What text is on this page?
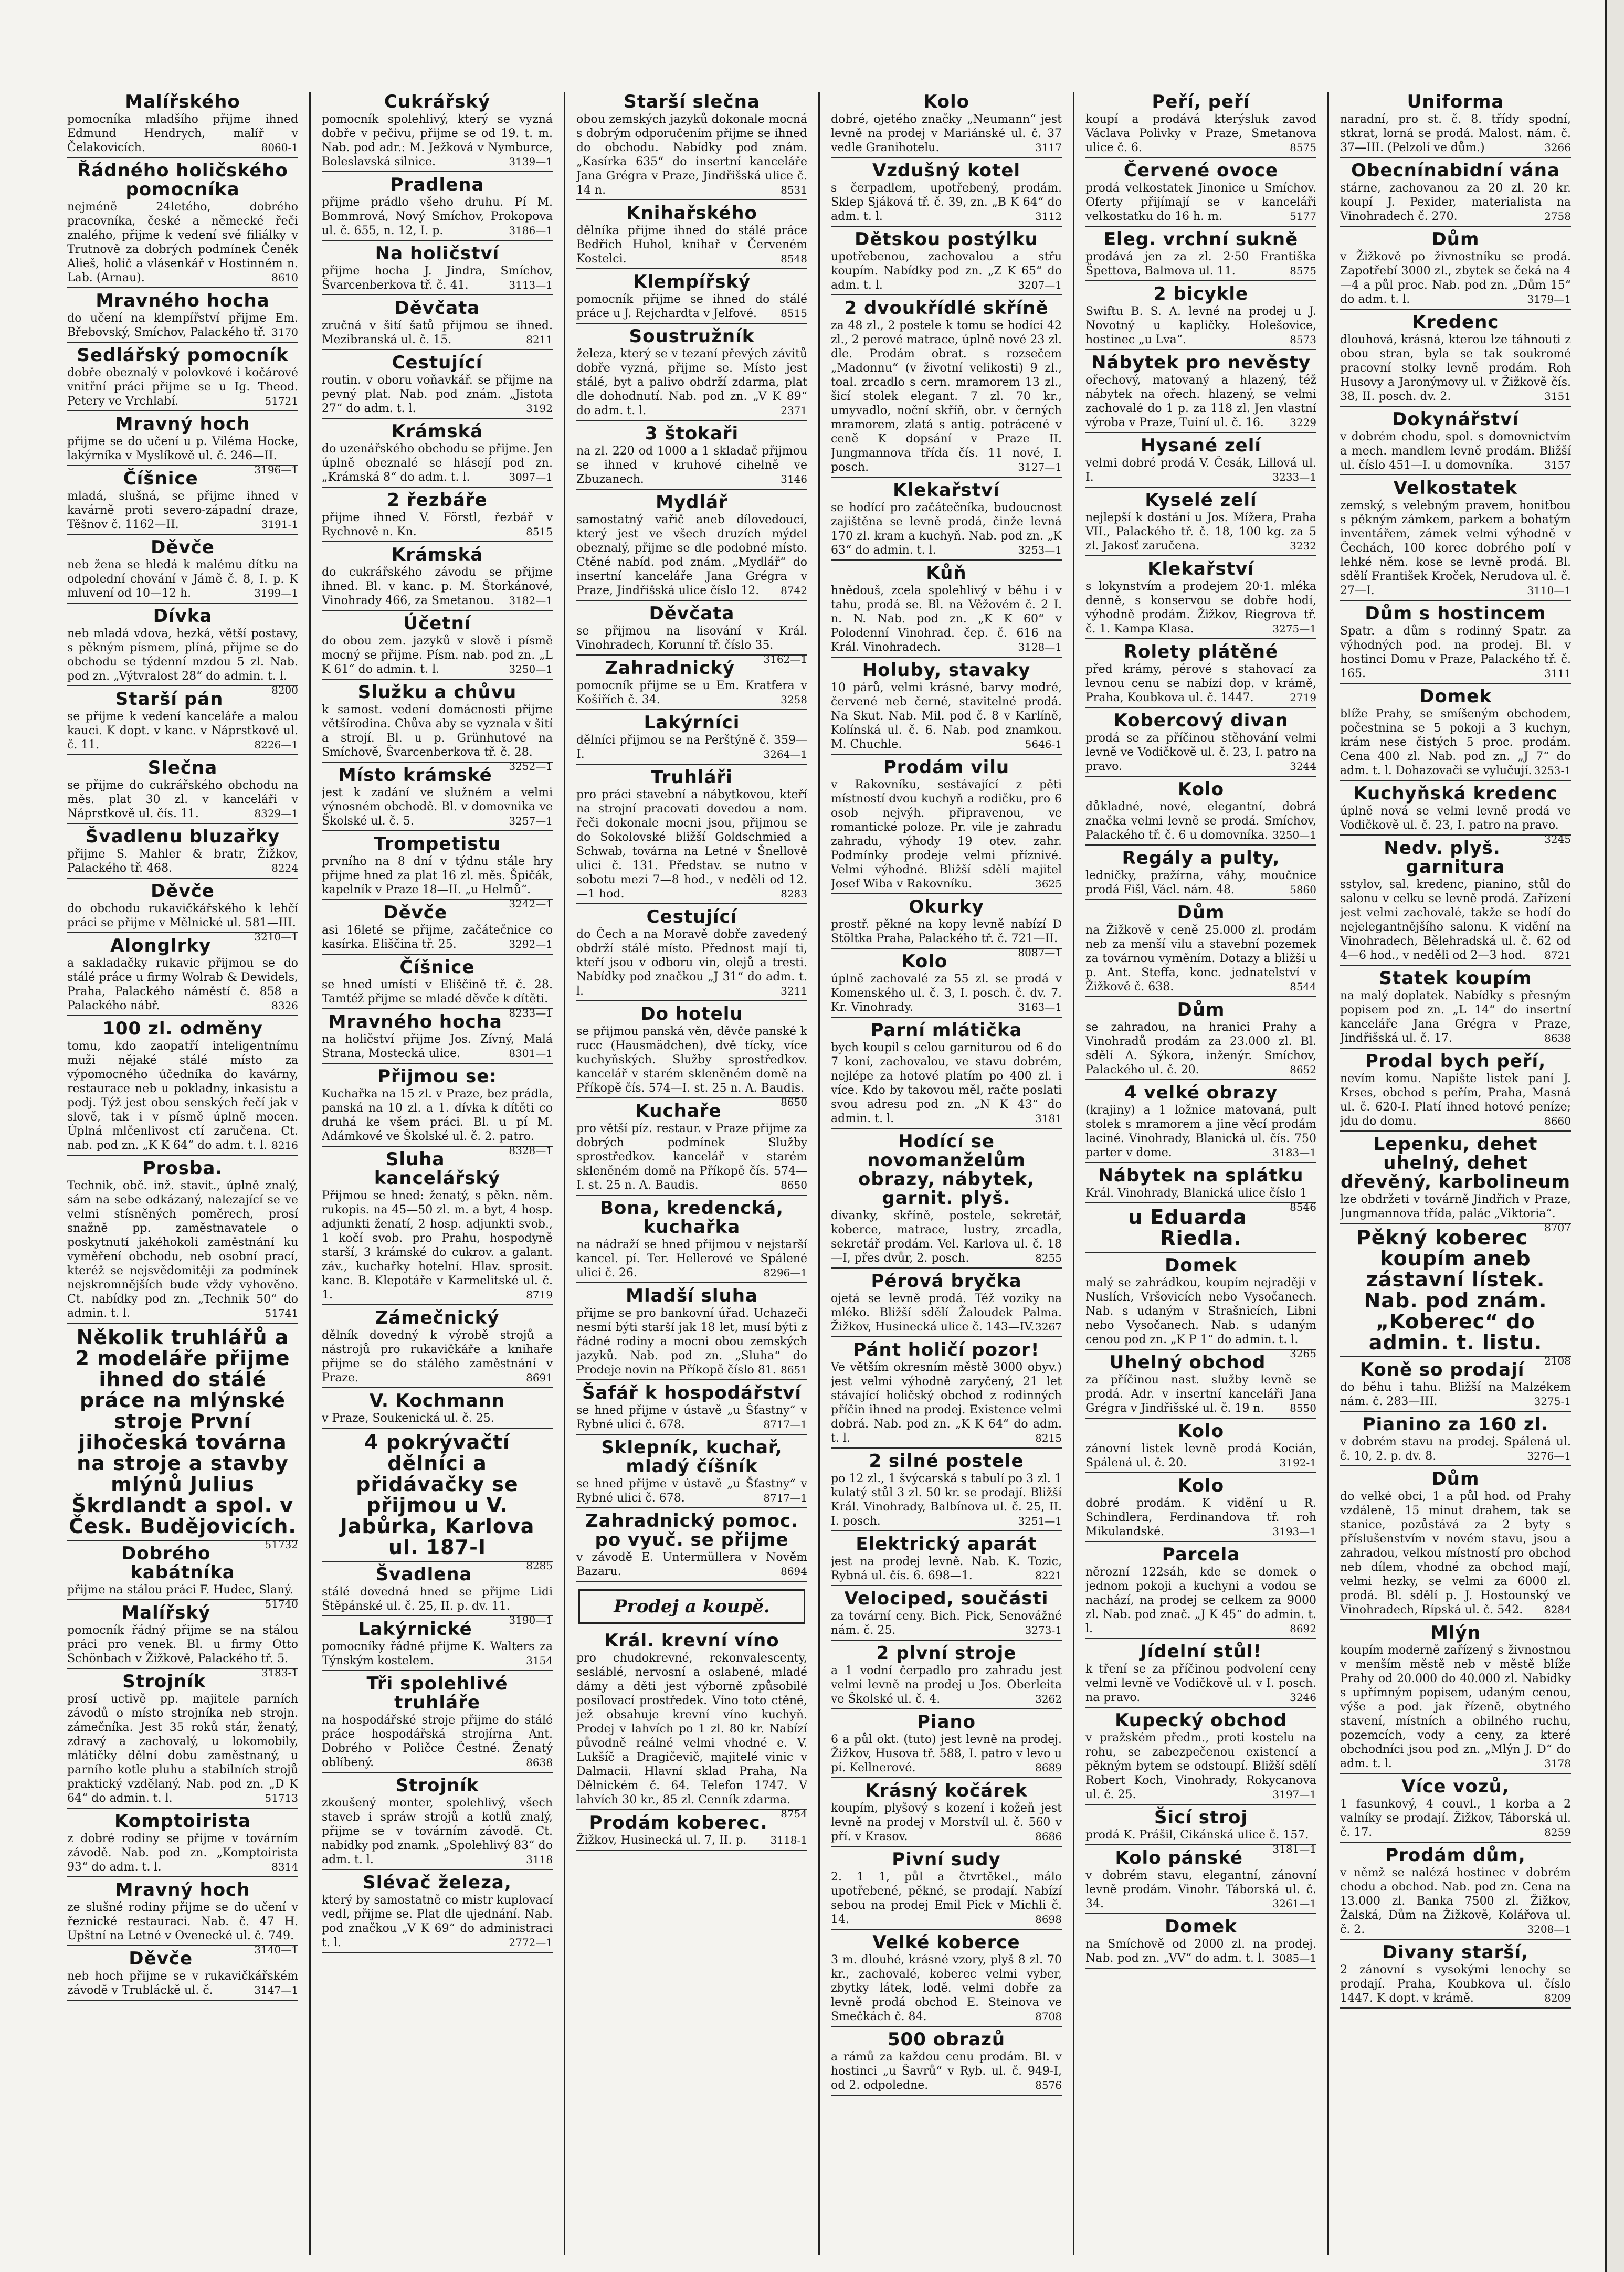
Malířského

pomocníka mladšího přijme ihned Edmund Hendrych, malíř v Čelakovicích.	8060-1

Řádného holičského pomocníka

nejméně 24letého, dobrého pracovníka, české a německé řeči znalého, přijme k vedení své filiálky v Trutnově za dobrých podmínek Čeněk Alieš, holič a vlásenkář v Hostinném n. Lab. (Arnau).	8610

Mravného hocha

do učení na klempířství přijme Em. Břebovský, Smíchov, Palackého tř. 3170

Sedlářský pomocník

dobře obeznalý v polovkové i kočárové vnitřní práci přijme se u Ig. Theod. Petery ve Vrchlabí.	51721

Mravný hoch

přijme se do učení u p. Viléma Hocke, lakýrníka v Myslíkově ul. č. 246—II.
3196—1

Číšnice

mladá, slušná, se přijme ihned v kavárně proti severo-západní draze, Těšnov č. 1162—II.	3191-1

Děvče

neb žena se hledá k malému dítku na odpolední chování v Jámě č. 8, I. p. K mluvení od 10—12 h.	3199—1

Dívka

neb mladá vdova, hezká, větší postavy, s pěkným písmem, plíná, přijme se do obchodu se týdenní mzdou 5 zl. Nab. pod zn. „Výtvralost 28“ do admin. t. l.
8200

Starší pán

se přijme k vedení kanceláře a malou kauci. K dopt. v kanc. v Náprstkově ul. č. 11.	8226—1

Slečna

se přijme do cukrářského obchodu na měs. plat 30 zl. v kanceláři v Náprstkově ul. čís. 11.	8329—1

Švadlenu bluzařky

přijme S. Mahler & bratr, Žižkov, Palackého tř. 468.	8224

Děvče

do obchodu rukavičkářského k lehčí práci se přijme v Mělnické ul. 581—III.
3210—1

Alonglrky

a sakladačky rukavic přijmou se do stálé práce u firmy Wolrab & Dewidels, Praha, Palackého náměstí č. 858 a Palackého nábř.	8326

100 zl. odměny

tomu, kdo zaopatří inteligentnímu muži nějaké stálé místo za výpomocného účedníka do kavárny, restaurace neb u pokladny, inkasistu a podj. Týž jest obou senských řečí jak v slově, tak i v písmě úplně mocen. Úplná mlčenlivost ctí zaručena. Ct. nab. pod zn. „K K 64“ do adm. t. l. 8216

Prosba.

Technik, obč. inž. stavit., úplně znalý, sám na sebe odkázaný, nalezající se ve velmi stísněných poměrech, prosí snažně pp. zaměstnavatele o poskytnutí jakéhokoli zaměstnání ku vyměření obchodu, neb osobní prací, kteréž se nejsvědomitěji za podmínek nejskromnějších bude vždy vyhověno. Ct. nabídky pod zn. „Technik 50“ do admin. t. l.	51741

Několik truhlářů a 2 modeláře přijme ihned do stálé práce na mlýnské stroje První jihočeská továrna na stroje a stavby mlýnů Julius Škrdlandt a spol. v Česk. Budějovicích.

51732

Dobrého kabátníka

přijme na stálou práci F. Hudec, Slaný.
51740

Malířský

pomocník řádný přijme se na stálou práci pro venek. Bl. u firmy Otto Schönbach v Žižkově, Palackého tř. 5.
3183-1

Strojník

prosí uctivě pp. majitele parních závodů o místo strojníka neb strojn. zámečníka. Jest 35 roků stár, ženatý, zdravý a zachovalý, u lokomobily, mlátičky dělní dobu zaměstnaný, u parního kotle pluhu a stabilních strojů praktický vzdělaný. Nab. pod zn. „D K 64“ do admin. t. l.	51713

Komptoirista

z dobré rodiny se přijme v továrním závodě. Nab. pod zn. „Komptoirista 93“ do adm. t. l.	8314

Mravný hoch

ze slušné rodiny přijme se do učení v řeznické restauraci. Nab. č. 47 H. Upštní na Letné v Ovenecké ul. č. 749.
3140—1

Děvče

neb hoch přijme se v rukavičkářském závodě v Trubláckě ul. č.	3147—1

Cukrářský

pomocník spolehlivý, který se vyzná dobře v pečivu, přijme se od 19. t. m. Nab. pod adr.: M. Ježková v Nymburce, Boleslavská silnice.	3139—1

Pradlena

přijme prádlo všeho druhu. Pí M. Bommrová, Nový Smíchov, Prokopova ul. č. 655, n. 12, I. p.	3186—1

Na holičství

přijme hocha J. Jindra, Smíchov, Švarcenberkova tř. č. 41.	3113—1

Děvčata

zručná v šití šatů přijmou se ihned. Mezibranská ul. č. 15.	8211

Cestující

routin. v oboru voňavkář. se přijme na pevný plat. Nab. pod znám. „Jistota 27“ do adm. t. l.	3192

Krámská

do uzenářského obchodu se přijme. Jen úplně obeznalé se hlásejí pod zn. „Krámská 8“ do adm. t. l.	3097—1

2 řezbáře

přijme ihned V. Förstl, řezbář v Rychnově n. Kn.	8515

Krámská

do cukrářského závodu se přijme ihned. Bl. v kanc. p. M. Štorkánové, Vinohrady 466, za Smetanou. 3182—1

Účetní

do obou zem. jazyků v slově i písmě mocný se přijme. Písm. nab. pod zn. „L K 61“ do admin. t. l.	3250—1

Služku a chůvu

k samost. vedení domácnosti přijme většírodina. Chůva aby se vyznala v šití a strojí. Bl. u p. Grünhutové na Smíchově, Švarcenberkova tř. č. 28.
3252—1

Místo krámské

jest k zadání ve služném a velmi výnosném obchodě. Bl. v domovnika ve Školské ul. č. 5.	3257—1

Trompetistu

prvního na 8 dní v týdnu stále hry přijme hned za plat 16 zl. měs. Špičák, kapelník v Praze 18—II. „u Helmů“.
3242—1

Děvče

asi 16leté se přijme, začátečnice co kasírka. Eliščina tř. 25.	3292—1

Číšnice

se hned umístí v Eliščině tř. č. 28. Tamtéž přijme se mladé děvče k dítěti.
8233—1

Mravného hocha

na holičství přijme Jos. Zívný, Malá Strana, Mostecká ulice.	8301—1

Přijmou se:

Kuchařka na 15 zl. v Praze, bez prádla, panská na 10 zl. a 1. dívka k dítěti co druhá ke všem práci. Bl. u pí M. Adámkové ve Školské ul. č. 2. patro.
8328—1

Sluha kancelářský

Přijmou se hned: ženatý, s pěkn. něm. rukopis. na 45—50 zl. m. a byt, 4 hosp. adjunkti ženatí, 2 hosp. adjunkti svob., 1 kočí svob. pro Prahu, hospodyně starší, 3 krámské do cukrov. a galant. záv., kuchařky hotelní. Hlav. sprosit. kanc. B. Klepotáře v Karmelitské ul. č. 1.	8719

Zámečnický

dělník dovedný k výrobě strojů a nástrojů pro rukavičkáře a knihaře přijme se do stálého zaměstnání v Praze.	8691

V. Kochmann

v Praze, Soukenická ul. č. 25.

4 pokrývačtí dělníci a přidávačky se přijmou u V. Jabůrka, Karlova ul. 187-I

8285

Švadlena

stálé dovedná hned se přijme Lidi Štěpánské ul. č. 25, II. p. dv. 11.
3190—1

Lakýrnické

pomocníky řádné přijme K. Walters za Týnským kostelem.	3154

Tři spolehlivé truhláře

na hospodářské stroje přijme do stálé práce hospodářská strojírna Ant. Dobrého v Poličce Čestné. Ženatý oblíbený.	8638

Strojník

zkoušený monter, spolehlivý, všech staveb i spráw strojů a kotlů znalý, přijme se v továrním závodě. Ct. nabídky pod znamk. „Spolehlivý 83“ do adm. t. l.	3118

Slévač železa,

který by samostatně co mistr kuplovací vedl, přijme se. Plat dle ujednání. Nab. pod značkou „V K 69“ do administraci t. l.	2772—1

Starší slečna

obou zemských jazyků dokonale mocná s dobrým odporučením přijme se ihned do obchodu. Nabídky pod znám. „Kasírka 635“ do insertní kanceláře Jana Grégra v Praze, Jindřišská ulice č. 14 n.	8531

Knihařského

dělníka přijme ihned do stálé práce Bedřich Huhol, knihař v Červeném Kostelci.	8548

Klempířský

pomocník přijme se ihned do stálé práce u J. Rejchardta v Jelfové. 8515

Soustružník

železa, který se v tezaní převých závitů dobře vyzná, přijme se. Místo jest stálé, byt a palivo obdrží zdarma, plat dle dohodnutí. Nab. pod zn. „V K 89“ do adm. t. l.	2371

3 štokaři

na zl. 220 od 1000 a 1 skladač přijmou se ihned v kruhové cihelně ve Zbuzanech.	3146

Mydlář

samostatný vařič aneb dílovedoucí, který jest ve všech druzích mýdel obeznalý, přijme se dle podobné místo. Ctěné nabíd. pod znám. „Mydlář“ do insertní kanceláře Jana Grégra v Praze, Jindřišská ulice číslo 12. 8742

Děvčata

se přijmou na lisování v Král. Vinohradech, Korunní tř. číslo 35.
3162—1

Zahradnický

pomocník přijme se u Em. Kratfera v Košířích č. 34.	3258

Lakýrníci

dělníci přijmou se na Perštýně č. 359—I.	3264—1

Truhláři

pro práci stavební a nábytkovou, kteří na strojní pracovati dovedou a nom. řeči dokonale mocni jsou, přijmou se do Sokolovské bližší Goldschmied a Schwab, továrna na Letné v Šnellově ulici č. 131. Představ. se nutno v sobotu mezi 7—8 hod., v neděli od 12.—1 hod.	8283

Cestující

do Čech a na Moravě dobře zavedený obdrží stálé místo. Přednost mají ti, kteří jsou v odboru vin, olejů a tresti. Nabídky pod značkou „J 31“ do adm. t. l.	3211

Do hotelu

se přijmou panská věn, děvče panské k rucc (Hausmädchen), dvě tícky, více kuchyňských. Služby sprostředkov. kancelář v starém skleněném domě na Příkopě čís. 574—I. st. 25 n. A. Baudis.
8650

Kuchaře

pro větší píz. restaur. v Praze přijme za dobrých podmínek Služby sprostředkov. kancelář v starém skleněném domě na Příkopě čís. 574—I. st. 25 n. A. Baudis.	8650

Bona, kredencká, kuchařka

na nádraží se hned přijmou v nejstarší kancel. pí. Ter. Hellerové ve Spálené ulici č. 26.	8296—1

Mladší sluha

přijme se pro bankovní úřad. Uchazeči nesmí býti starší jak 18 let, musí býti z řádné rodiny a mocni obou zemských jazyků. Nab. pod zn. „Sluha“ do Prodeje novin na Příkopě číslo 81. 8651

Šafář k hospodářství

se hned přijme v ústavě „u Šťastny“ v Rybné ulici č. 678.	8717—1

Sklepník, kuchař, mladý číšník

se hned přijme v ústavě „u Šťastny“ v Rybné ulici č. 678.	8717—1

Zahradnický pomoc. po vyuč. se přijme

v závodě E. Untermüllera v Nověm Bazaru.	8694

Prodej a koupě.
Král. krevní víno

pro chudokrevné, rekonvalescenty, sesláblé, nervosní a oslabené, mladé dámy a děti jest výborně způsobilé posilovací prostředek. Víno toto ctěné, jež obsahuje krevní víno kuchyň. Prodej v lahvích po 1 zl. 80 kr. Nabízí původně reálné velmi vhodné e. V. Lukšíč a Dragičevič, majitelé vinic v Dalmacii. Hlavní sklad Praha, Na Dělnickém č. 64. Telefon 1747. V lahvích 30 kr., 85 zl. Cenník zdarma.
8754

Prodám koberec.

Žižkov, Husinecká ul. 7, II. p. 3118-1

Kolo

dobré, ojetého značky „Neumann“ jest levně na prodej v Mariánské ul. č. 37 vedle Granihotelu.	3117

Vzdušný kotel

s čerpadlem, upotřebený, prodám. Sklep Sjáková tř. č. 39, zn. „B K 64“ do adm. t. l.	3112

Dětskou postýlku

upotřebenou, zachovalou a střu koupím. Nabídky pod zn. „Z K 65“ do adm. t. l.	3207—1

2 dvoukřídlé skříně

za 48 zl., 2 postele k tomu se hodící 42 zl., 2 perové matrace, úplně nové 23 zl. dle. Prodám obrat. s rozsečem „Madonnu“ (v životní velikosti) 9 zl., toal. zrcadlo s cern. mramorem 13 zl., šicí stolek elegant. 7 zl. 70 kr., umyvadlo, noční skříň, obr. v černých mramorem, zlatá s antig. potrácené v ceně K dopsání v Praze II. Jungmannova třída čís. 11 nové, I. posch.	3127—1

Klekařství

se hodící pro začátečníka, budoucnost zajištěna se levně prodá, činže levná 170 zl. kram a kuchyň. Nab. pod zn. „K 63“ do admin. t. l.	3253—1

Kůň

hnědouš, zcela spolehlivý v běhu i v tahu, prodá se. Bl. na Věžovém č. 2 I. n. N. Nab. pod zn. „K K 60“ v Polodenní Vinohrad. čep. č. 616 na Král. Vinohradech.	3128—1

Holuby, stavaky

10 párů, velmi krásné, barvy modré, červené neb černé, stavitelné prodá. Na Skut. Nab. Mil. pod č. 8 v Karlíně, Kolínská ul. č. 6. Nab. pod znamkou. M. Chuchle.	5646-1

Prodám vilu

v Rakovníku, sestávající z pěti místností dvou kuchyň a rodičku, pro 6 osob nejvýh. připravenou, ve romantické poloze. Pr. vile je zahradu zahradu, výhody 19 otev. zahr. Podmínky prodeje velmi příznivé. Velmi výhodné. Bližší sdělí majitel Josef Wiba v Rakovníku.	3625

Okurky

prostř. pěkné na kopy levně nabízí D Stöltka Praha, Palackého tř. č. 721—II.
8087—1

Kolo

úplně zachovalé za 55 zl. se prodá v Komenského ul. č. 3, I. posch. č. dv. 7. Kr. Vinohrady.	3163—1

Parní mlátička

bych koupil s celou garniturou od 6 do 7 koní, zachovalou, ve stavu dobrém, nejlépe za hotové platím po 400 zl. i více. Kdo by takovou měl, račte poslati svou adresu pod zn. „N K 43“ do admin. t. l.	3181

Hodící se novomanželům obrazy, nábytek, garnit. plyš.

dívanky, skříně, postele, sekretář, koberce, matrace, lustry, zrcadla, sekretář prodám. Vel. Karlova ul. č. 18—I, přes dvůr, 2. posch.	8255

Pérová bryčka

ojetá se levně prodá. Též voziky na mléko. Bližší sdělí Žaloudek Palma. Žižkov, Husinecká ulice č. 143—IV. 3267

Pánt holičí pozor!

Ve větším okresním městě 3000 obyv.) jest velmi výhodně zaryčený, 21 let stávající holičský obchod z rodinných příčin ihned na prodej. Existence velmi dobrá. Nab. pod zn. „K K 64“ do adm. t. l.	8215

2 silné postele

po 12 zl., 1 švýcarská s tabulí po 3 zl. 1 kulatý stůl 3 zl. 50 kr. se prodají. Bližší Král. Vinohrady, Balbínova ul. č. 25, II. I. posch.	3251—1

Elektrický aparát

jest na prodej levně. Nab. K. Tozic, Rybná ul. čís. 6. 698—1.	8221

Velociped, součásti

za tovární ceny. Bich. Pick, Senovážné nám. č. 25.	3273-1

2 plvní stroje

a 1 vodní čerpadlo pro zahradu jest velmi levně na prodej u Jos. Oberleita ve Školské ul. č. 4.	3262

Piano

6 a půl okt. (tuto) jest levně na prodej. Žižkov, Husova tř. 588, I. patro v levo u pí. Kellnerové.	8689

Krásný kočárek

koupím, plyšový s kození i kožeň jest levně na prodej v Morstvíl ul. č. 560 v pří. v Krasov.	8686

Pivní sudy

2. 1 1, půl a čtvrtěkel., málo upotřebené, pěkné, se prodají. Nabízí sebou na prodej Emil Pick v Michli č. 14.	8698

Velké koberce

3 m. dlouhé, krásné vzory, plyš 8 zl. 70 kr., zachovalé, koberec velmi vyber, zbytky látek, lodě. velmi dobře za levně prodá obchod E. Steinova ve Smečkách č. 84.	8708

500 obrazů

a rámů za každou cenu prodám. Bl. v hostinci „u Šavrů“ v Ryb. ul. č. 949-I, od 2. odpoledne.	8576

Peří, peří

koupí a prodává kterýsluk zavod Václava Polivky v Praze, Smetanova ulice č. 6.	8575

Červené ovoce

prodá velkostatek Jinonice u Smíchov. Oferty přijímají se v kanceláři velkostatku do 16 h. m.	5177

Eleg. vrchní sukně

prodává jen za zl. 2·50 Františka Špettova, Balmova ul. 11.	8575

2 bicykle

Swiftu B. S. A. levné na prodej u J. Novotný u kapličky. Holešovice, hostinec „u Lva“.	8573

Nábytek pro nevěsty

ořechový, matovaný a hlazený, též nábytek na ořech. hlazený, se velmi zachovalé do 1 p. za 118 zl. Jen vlastní výroba v Praze, Tuiní ul. č. 16. 3229

Hysané zelí

velmi dobré prodá V. Česák, Lillová ul. I.	3233—1

Kyselé zelí

nejlepší k dostání u Jos. Mížera, Praha VII., Palackého tř. č. 18, 100 kg. za 5 zl. Jakosť zaručena.	3232

Klekařství

s lokynstvím a prodejem 20·1. mléka denně, s konservou se dobře hodí, výhodně prodám. Žižkov, Riegrova tř. č. 1. Kampa Klasa.	3275—1

Rolety plátěné

před krámy, pérové s stahovací za levnou cenu se nabízí dop. v krámě, Praha, Koubkova ul. č. 1447.	2719

Kobercový divan

prodá se za příčinou stěhování velmi levně ve Vodičkově ul. č. 23, I. patro na pravo.	3244

Kolo

důkladné, nové, elegantní, dobrá značka velmi levně se prodá. Smíchov, Palackého tř. č. 6 u domovníka. 3250—1

Regály a pulty,

ledničky, pražírna, váhy, moučnice prodá Fišl, Václ. nám. 48.	5860

Dům

na Žižkově v ceně 25.000 zl. prodám neb za menší vilu a stavební pozemek za továrnou vyměním. Dotazy a bližší u p. Ant. Steffa, konc. jednatelství v Žižkově č. 638.	8544

Dům

se zahradou, na hranici Prahy a Vinohradů prodám za 23.000 zl. Bl. sdělí A. Sýkora, inženýr. Smíchov, Palackého ul. č. 20.	8652

4 velké obrazy

(krajiny) a 1 ložnice matovaná, pult stolek s mramorem a jine věcí prodám laciné. Vinohrady, Blanická ul. čís. 750 parter v dome.	3183—1

Nábytek na splátku

Král. Vinohrady, Blanická ulice číslo 1
8546

u Eduarda Riedla.

Domek

malý se zahrádkou, koupím nejraději v Nuslích, Vršovicích nebo Vysočanech. Nab. s udaným v Strašnicích, Libni nebo Vysočanech. Nab. s udaným cenou pod zn. „K P 1“ do admin. t. l.
3265

Uhelný obchod

za příčinou nast. služby levně se prodá. Adr. v insertní kanceláři Jana Grégra v Jindřišské ul. č. 19 n. 8550

Kolo

zánovní listek levně prodá Kocián, Spálená ul. č. 20.	3192-1

Kolo

dobré prodám. K vidění u R. Schindlera, Ferdinandova tř. roh Mikulandské.	3193—1

Parcela

něrozní 122sáh, kde se domek o jednom pokoji a kuchyni a vodou se nachází, na prodej se celkem za 9000 zl. Nab. pod znač. „J K 45“ do admin. t. l.	8692

Jídelní stůl!

k tření se za příčinou podvolení ceny velmi levně ve Vodičkově ul. v I. posch. na pravo.	3246

Kupecký obchod

v pražském předm., proti kostelu na rohu, se zabezpečenou existencí a pěkným bytem se odstoupí. Bližší sdělí Robert Koch, Vinohrady, Rokycanova ul. č. 25.	3197—1

Šicí stroj

prodá K. Prášil, Cikánská ulice č. 157.
3181—1

Kolo pánské

v dobrém stavu, elegantní, zánovní levně prodám. Vinohr. Táborská ul. č. 34.	3261—1

Domek

na Smíchově od 2000 zl. na prodej. Nab. pod zn. „VV“ do adm. t. l. 3085—1

Uniforma

naradní, pro st. č. 8. třídy spodní, stkrat, lorná se prodá. Malost. nám. č. 37—III. (Pelzolí ve dům.)	3266

Obecnínabidní vána

stárne, zachovanou za 20 zl. 20 kr. koupí J. Pexider, materialista na Vinohradech č. 270.	2758

Dům

v Žižkově po živnostníku se prodá. Zapotřebí 3000 zl., zbytek se čeká na 4—4 a půl proc. Nab. pod zn. „Dům 15“ do adm. t. l.	3179—1

Kredenc

dlouhová, krásná, kterou lze táhnouti z obou stran, byla se tak soukromé pracovní stolky levně prodám. Roh Husovy a Jaronýmovy ul. v Žižkově čís. 38, II. posch. dv. 2.	3151

Dokynářství

v dobrém chodu, spol. s domovnictvím a mech. mandlem levně prodám. Bližší ul. číslo 451—I. u domovníka.	3157

Velkostatek

zemský, s velebným pravem, honitbou s pěkným zámkem, parkem a bohatým inventářem, zámek velmi výhodně v Čechách, 100 korec dobrého polí v lehké něm. kose se levně prodá. Bl. sdělí František Kroček, Nerudova ul. č. 27—I.	3110—1

Dům s hostincem

Spatr. a dům s rodinný Spatr. za výhodných pod. na prodej. Bl. v hostinci Domu v Praze, Palackého tř. č. 165.	3111

Domek

blíže Prahy, se smíšeným obchodem, počestnina se 5 pokoji a 3 kuchyn, krám nese čistých 5 proc. prodám. Cena 400 zl. Nab. pod zn. „J 7“ do adm. t. l. Dohazovači se vylučují. 3253-1

Kuchyňská kredenc

úplně nová se velmi levně prodá ve Vodičkově ul. č. 23, I. patro na pravo.
3245

Nedv. plyš. garnitura

sstylov, sal. kredenc, pianino, stůl do salonu v celku se levně prodá. Zařízení jest velmi zachovalé, takže se hodí do nejelegantnějšího salonu. K vidění na Vinohradech, Bělehradská ul. č. 62 od 4—6 hod., v neděli od 2—3 hod. 8721

Statek koupím

na malý doplatek. Nabídky s přesným popisem pod zn. „L 14“ do insertní kanceláře Jana Grégra v Praze, Jindřišská ul. č. 17.	8638

Prodal bych peří,

nevím komu. Napište listek paní J. Krses, obchod s peřím, Praha, Masná ul. č. 620-I. Platí ihned hotové peníze; jdu do domu.	8660

Lepenku, dehet uhelný, dehet dřevěný, karbolineum

lze obdržeti v továrně Jindřich v Praze, Jungmannova třída, palác „Viktoria“.
8707

Pěkný koberec koupím aneb zástavní lístek. Nab. pod znám. „Koberec“ do admin. t. listu.

2108

Koně so prodají

do běhu i tahu. Bližší na Malzékem nám. č. 283—III.	3275-1

Pianino za 160 zl.

v dobrém stavu na prodej. Spálená ul. č. 10, 2. p. dv. 8.	3276—1

Dům

do velké obci, 1 a půl hod. od Prahy vzdáleně, 15 minut drahem, tak se stanice, pozůstává za 2 byty s příslušenstvím v novém stavu, jsou a zahradou, velkou místností pro obchod neb dílem, vhodné za obchod mají, velmi hezky, se velmi za 6000 zl. prodá. Bl. sdělí p. J. Hostounský ve Vinohradech, Rípská ul. č. 542. 8284

Mlýn

koupím moderně zařízený s živnostnou v menším městě neb v městě blíže Prahy od 20.000 do 40.000 zl. Nabídky s upřímným popisem, udaným cenou, výše a pod. jak řízeně, obytného stavení, místních a obilného ruchu, pozemcích, vody a ceny, za které obchodníci jsou pod zn. „Mlýn J. D“ do adm. t. l.	3178

Více vozů,

1 fasunkový, 4 couvl., 1 korba a 2 valníky se prodají. Žižkov, Táborská ul. č. 17.	8259

Prodám dům,

v němž se nalézá hostinec v dobrém chodu a obchod. Nab. pod zn. Cena na 13.000 zl. Banka 7500 zl. Žižkov, Žalská, Dům na Žižkově, Kolářova ul. č. 2.	3208—1

Divany starší,

2 zánovní s vysokými lenochy se prodají. Praha, Koubkova ul. číslo 1447. K dopt. v krámě.	8209
